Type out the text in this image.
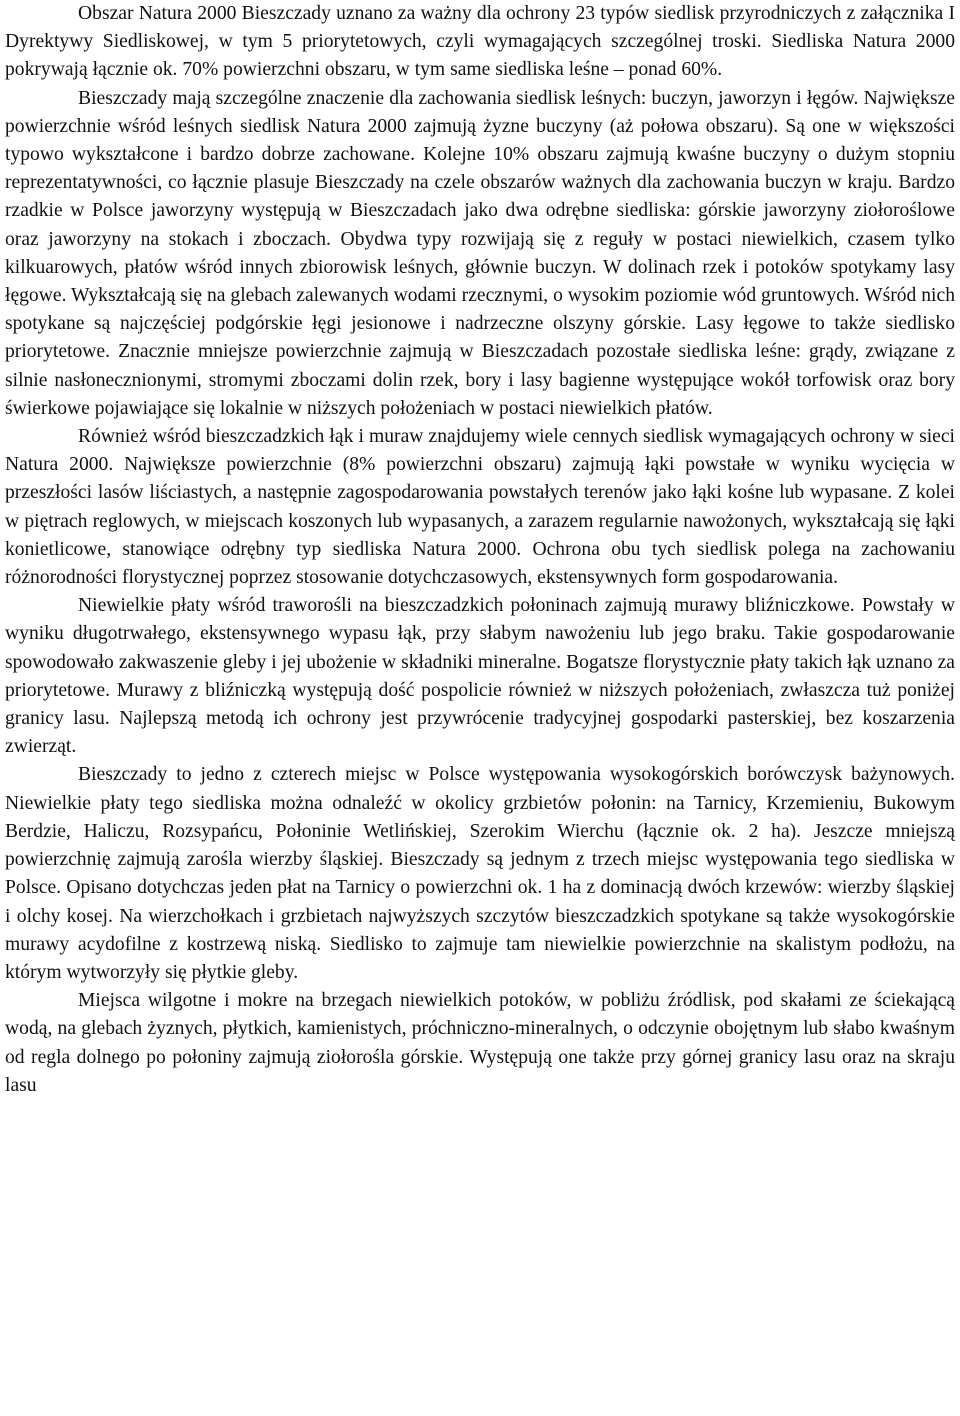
Obszar Natura 2000 Bieszczady uznano za ważny dla ochrony 23 typów siedlisk przyrodniczych z załącznika I Dyrektywy Siedliskowej, w tym 5 priorytetowych, czyli wymagających szczególnej troski. Siedliska Natura 2000 pokrywają łącznie ok. 70% powierzchni obszaru, w tym same siedliska leśne – ponad 60%.

Bieszczady mają szczególne znaczenie dla zachowania siedlisk leśnych: buczyn, jaworzyn i łęgów. Największe powierzchnie wśród leśnych siedlisk Natura 2000 zajmują żyzne buczyny (aż połowa obszaru). Są one w większości typowo wykształcone i bardzo dobrze zachowane. Kolejne 10% obszaru zajmują kwaśne buczyny o dużym stopniu reprezentatywności, co łącznie plasuje Bieszczady na czele obszarów ważnych dla zachowania buczyn w kraju. Bardzo rzadkie w Polsce jaworzyny występują w Bieszczadach jako dwa odrębne siedliska: górskie jaworzyny ziołoroślowe oraz jaworzyny na stokach i zboczach. Obydwa typy rozwijają się z reguły w postaci niewielkich, czasem tylko kilkuarowych, płatów wśród innych zbiorowisk leśnych, głównie buczyn. W dolinach rzek i potoków spotykamy lasy łęgowe. Wykształcają się na glebach zalewanych wodami rzecznymi, o wysokim poziomie wód gruntowych. Wśród nich spotykane są najczęściej podgórskie łęgi jesionowe i nadrzeczne olszyny górskie. Lasy łęgowe to także siedlisko priorytetowe. Znacznie mniejsze powierzchnie zajmują w Bieszczadach pozostałe siedliska leśne: grądy, związane z silnie nasłonecznionymi, stromymi zboczami dolin rzek, bory i lasy bagienne występujące wokół torfowisk oraz bory świerkowe pojawiające się lokalnie w niższych położeniach w postaci niewielkich płatów.

Również wśród bieszczadzkich łąk i muraw znajdujemy wiele cennych siedlisk wymagających ochrony w sieci Natura 2000. Największe powierzchnie (8% powierzchni obszaru) zajmują łąki powstałe w wyniku wycięcia w przeszłości lasów liściastych, a następnie zagospodarowania powstałych terenów jako łąki kośne lub wypasane. Z kolei w piętrach reglowych, w miejscach koszonych lub wypasanych, a zarazem regularnie nawożonych, wykształcają się łąki konietlicowe, stanowiące odrębny typ siedliska Natura 2000. Ochrona obu tych siedlisk polega na zachowaniu różnorodności florystycznej poprzez stosowanie dotychczasowych, ekstensywnych form gospodarowania.

Niewielkie płaty wśród traworośli na bieszczadzkich połoninach zajmują murawy bliźniczkowe. Powstały w wyniku długotrwałego, ekstensywnego wypasu łąk, przy słabym nawożeniu lub jego braku. Takie gospodarowanie spowodowało zakwaszenie gleby i jej ubożenie w składniki mineralne. Bogatsze florystycznie płaty takich łąk uznano za priorytetowe. Murawy z bliźniczką występują dość pospolicie również w niższych położeniach, zwłaszcza tuż poniżej granicy lasu. Najlepszą metodą ich ochrony jest przywrócenie tradycyjnej gospodarki pasterskiej, bez koszarzenia zwierząt.

Bieszczady to jedno z czterech miejsc w Polsce występowania wysokogórskich borówczysk bażynowych. Niewielkie płaty tego siedliska można odnaleźć w okolicy grzbietów połonin: na Tarnicy, Krzemieniu, Bukowym Berdzie, Haliczu, Rozsypańcu, Połoninie Wetlińskiej, Szerokim Wierchu (łącznie ok. 2 ha). Jeszcze mniejszą powierzchnię zajmują zarośla wierzby śląskiej. Bieszczady są jednym z trzech miejsc występowania tego siedliska w Polsce. Opisano dotychczas jeden płat na Tarnicy o powierzchni ok. 1 ha z dominacją dwóch krzewów: wierzby śląskiej i olchy kosej. Na wierzchołkach i grzbietach najwyższych szczytów bieszczadzkich spotykane są także wysokogórskie murawy acydofilne z kostrzewą niską. Siedlisko to zajmuje tam niewielkie powierzchnie na skalistym podłożu, na którym wytworzyły się płytkie gleby.

Miejsca wilgotne i mokre na brzegach niewielkich potoków, w pobliżu źródlisk, pod skałami ze ściekającą wodą, na glebach żyznych, płytkich, kamienistych, próchniczno-mineralnych, o odczynie obojętnym lub słabo kwaśnym od regla dolnego po połoniny zajmują ziołorośla górskie. Występują one także przy górnej granicy lasu oraz na skraju lasu
